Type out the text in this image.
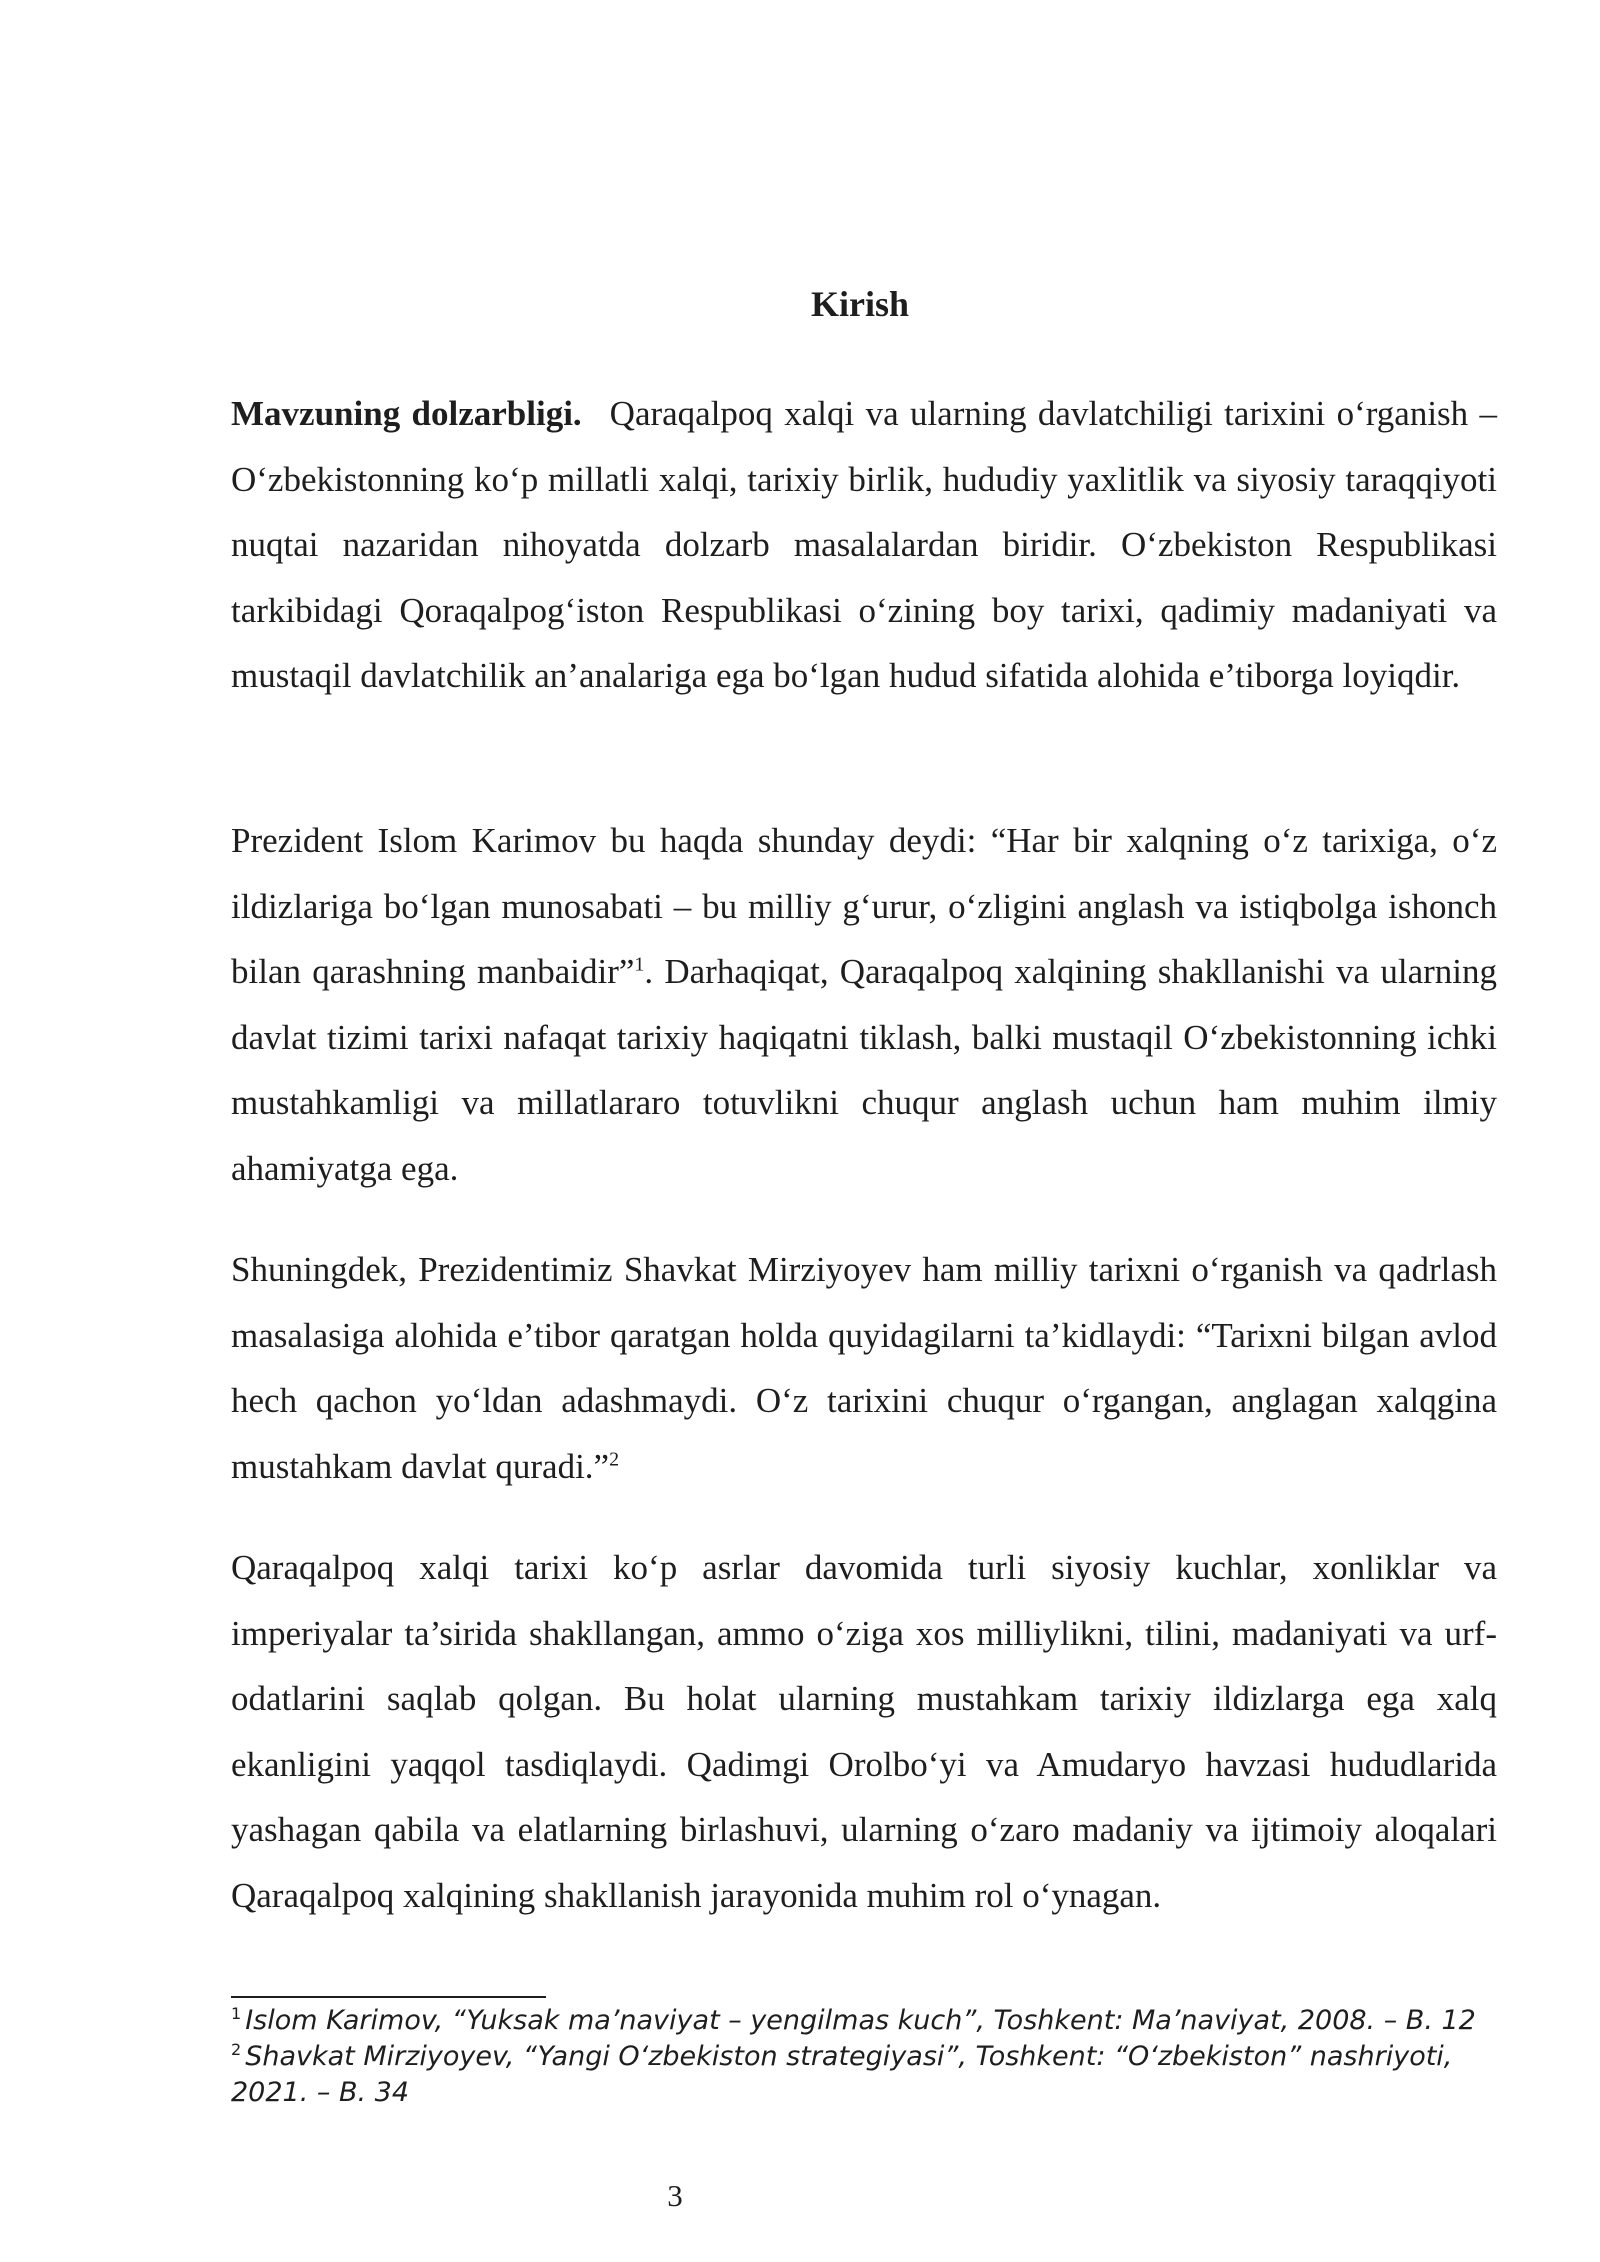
Kirish

Mavzuning dolzarbligi. Qaraqalpoq xalqi va ularning davlatchiligi tarixini o‘rganish – O‘zbekistonning ko‘p millatli xalqi, tarixiy birlik, hududiy yaxlitlik va siyosiy taraqqiyoti nuqtai nazaridan nihoyatda dolzarb masalalardan biridir. O‘zbekiston Respublikasi tarkibidagi Qoraqalpog‘iston Respublikasi o‘zining boy tarixi, qadimiy madaniyati va mustaqil davlatchilik an’analariga ega bo‘lgan hudud sifatida alohida e’tiborga loyiqdir.

Prezident Islom Karimov bu haqda shunday deydi: “Har bir xalqning o‘z tarixiga, o‘z ildizlariga bo‘lgan munosabati – bu milliy g‘urur, o‘zligini anglash va istiqbolga ishonch bilan qarashning manbaidir”$^1$. Darhaqiqat, Qaraqalpoq xalqining shakllanishi va ularning davlat tizimi tarixi nafaqat tarixiy haqiqatni tiklash, balki mustaqil O‘zbekistonning ichki mustahkamligi va millatlararo totuvlikni chuqur anglash uchun ham muhim ilmiy ahamiyatga ega.

Shuningdek, Prezidentimiz Shavkat Mirziyoyev ham milliy tarixni o‘rganish va qadrlash masalasiga alohida e’tibor qaratgan holda quyidagilarni ta’kidlaydi: “Tarixni bilgan avlod hech qachon yo‘ldan adashmaydi. O‘z tarixini chuqur o‘rgangan, anglagan xalqgina mustahkam davlat quradi.”$^2$

Qaraqalpoq xalqi tarixi ko‘p asrlar davomida turli siyosiy kuchlar, xonliklar va imperiyalar ta’sirida shakllangan, ammo o‘ziga xos milliylikni, tilini, madaniyati va urf-odatlarini saqlab qolgan. Bu holat ularning mustahkam tarixiy ildizlarga ega xalq ekanligini yaqqol tasdiqlaydi. Qadimgi Orolbo‘yi va Amudaryo havzasi hududlarida yashagan qabila va elatlarning birlashuvi, ularning o‘zaro madaniy va ijtimoiy aloqalari Qaraqalpoq xalqining shakllanish jarayonida muhim rol o‘ynagan.

$^1$ Islom Karimov, “Yuksak ma’naviyat – yengilmas kuch”, Toshkent: Ma’naviyat, 2008. – B. 12

$^2$ Shavkat Mirziyoyev, “Yangi O‘zbekiston strategiyasi”, Toshkent: “O‘zbekiston” nashriyoti, 2021. – B. 34

3
